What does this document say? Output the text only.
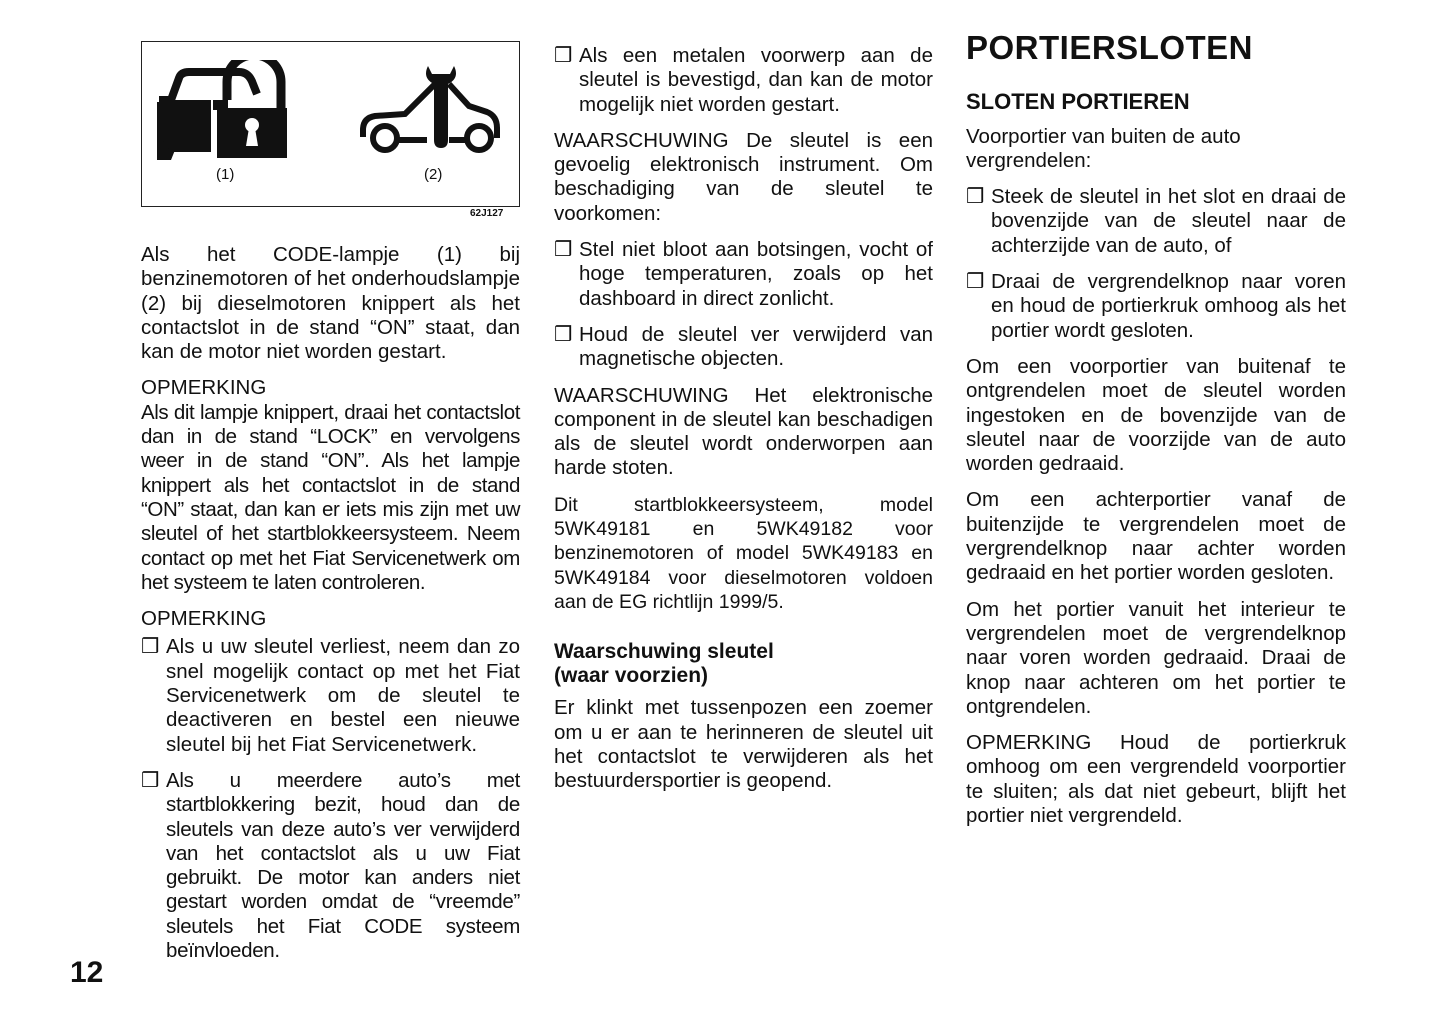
(1)	(2)
62J127

Als het CODE-lampje (1) bij benzinemotoren of het onderhoudslampje (2) bij dieselmotoren knippert als het contactslot in de stand “ON” staat, dan kan de motor niet worden gestart.

OPMERKING

Als dit lampje knippert, draai het contactslot dan in de stand “LOCK” en vervolgens weer in de stand “ON”. Als het lampje knippert als het contactslot in de stand “ON” staat, dan kan er iets mis zijn met uw sleutel of het startblokkeersysteem. Neem contact op met het Fiat Servicenetwerk om het systeem te laten controleren.

OPMERKING

❒ Als u uw sleutel verliest, neem dan zo snel mogelijk contact op met het Fiat Servicenetwerk om de sleutel te deactiveren en bestel een nieuwe sleutel bij het Fiat Servicenetwerk.

❒ Als u meerdere auto’s met startblokkering bezit, houd dan de sleutels van deze auto’s ver verwijderd van het contactslot als u uw Fiat gebruikt. De motor kan anders niet gestart worden omdat de “vreemde” sleutels het Fiat CODE systeem beïnvloeden.

❒ Als een metalen voorwerp aan de sleutel is bevestigd, dan kan de motor mogelijk niet worden gestart.

WAARSCHUWING De sleutel is een gevoelig elektronisch instrument. Om beschadiging van de sleutel te voorkomen:

❒ Stel niet bloot aan botsingen, vocht of hoge temperaturen, zoals op het dashboard in direct zonlicht.

❒ Houd de sleutel ver verwijderd van magnetische objecten.

WAARSCHUWING Het elektronische component in de sleutel kan beschadigen als de sleutel wordt onderworpen aan harde stoten.

Dit startblokkeersysteem, model 5WK49181 en 5WK49182 voor benzinemotoren of model 5WK49183 en 5WK49184 voor dieselmotoren voldoen aan de EG richtlijn 1999/5.

Waarschuwing sleutel (waar voorzien)

Er klinkt met tussenpozen een zoemer om u er aan te herinneren de sleutel uit het contactslot te verwijderen als het bestuurdersportier is geopend.

PORTIERSLOTEN
SLOTEN PORTIEREN

Voorportier van buiten de auto vergrendelen:

❒ Steek de sleutel in het slot en draai de bovenzijde van de sleutel naar de achterzijde van de auto, of

❒ Draai de vergrendelknop naar voren en houd de portierkruk omhoog als het portier wordt gesloten.

Om een voorportier van buitenaf te ontgrendelen moet de sleutel worden ingestoken en de bovenzijde van de sleutel naar de voorzijde van de auto worden gedraaid.

Om een achterportier vanaf de buitenzijde te vergrendelen moet de vergrendelknop naar achter worden gedraaid en het portier worden gesloten.

Om het portier vanuit het interieur te vergrendelen moet de vergrendelknop naar voren worden gedraaid. Draai de knop naar achteren om het portier te ontgrendelen.

OPMERKING Houd de portierkruk omhoog om een vergrendeld voorportier te sluiten; als dat niet gebeurt, blijft het portier niet vergrendeld.

12
